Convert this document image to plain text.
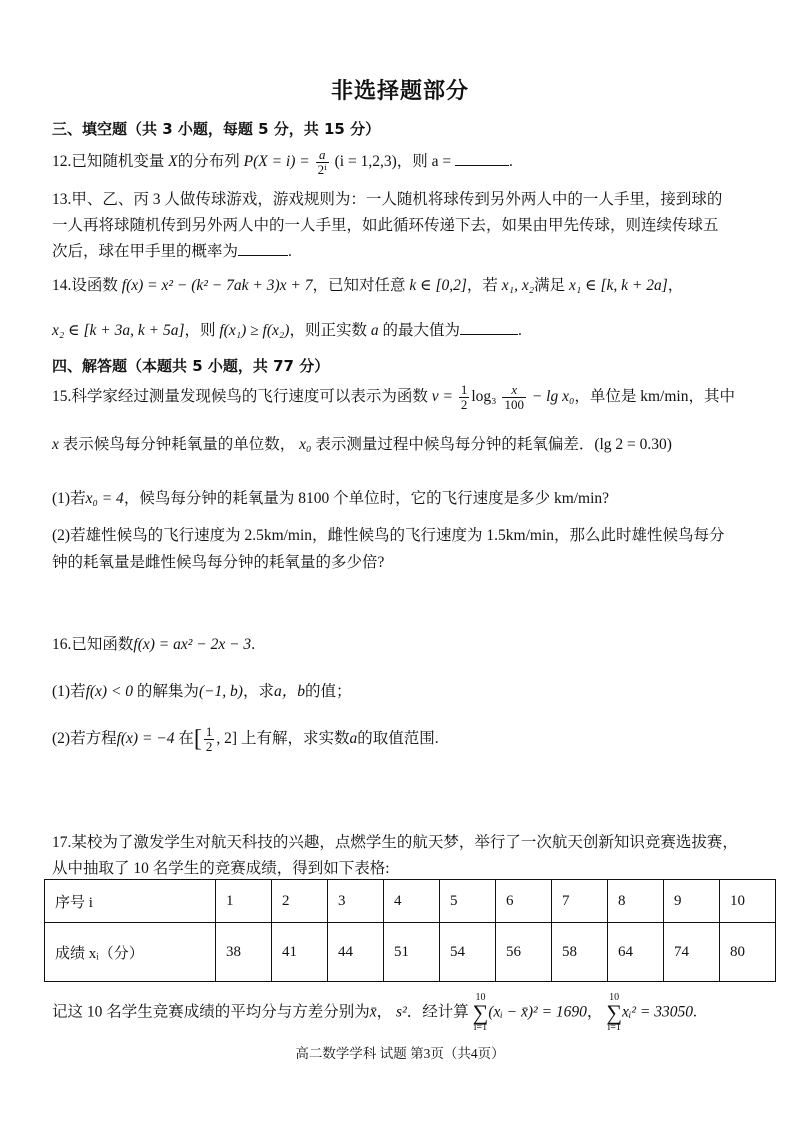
非选择题部分
三、填空题（共 3 小题，每题 5 分，共 15 分）
12.已知随机变量 X的分布列 $P(X = i) = \frac{a}{\text{2ⁱ}} (i = 1,2,3)$，则 a =	.
13.甲、乙、丙 3 人做传球游戏，游戏规则为：一人随机将球传到另外两人中的一人手里，接到球的
一人再将球随机传到另外两人中的一人手里，如此循环传递下去，如果由甲先传球，则连续传球五
次后，球在甲手里的概率为	.
14.设函数 f(x) = x² − (k² − 7ak + 3)x + 7，已知对任意 k ∈ [0,2]，若 x₁, x₂满足 x₁ ∈ [k, k + 2a]，
x₂ ∈ [k + 3a, k + 5a]，则 f(x₁) ≥ f(x₂)，则正实数 a 的最大值为	.
四、解答题（本题共 5 小题，共 77 分）
15.科学家经过测量发现候鸟的飞行速度可以表示为函数 $v = \frac{1}{2} \log_3 \frac{x}{100} - \lg x_0$，单位是 km/min，其中
x 表示候鸟每分钟耗氧量的单位数， x₀ 表示测量过程中候鸟每分钟的耗氧偏差．(lg 2 = 0.30)
(1)若x₀ = 4，候鸟每分钟的耗氧量为 8100 个单位时，它的飞行速度是多少 km/min?
(2)若雄性候鸟的飞行速度为 2.5km/min，雌性候鸟的飞行速度为 1.5km/min，那么此时雄性候鸟每分
钟的耗氧量是雌性候鸟每分钟的耗氧量的多少倍?
16.已知函数f(x) = ax² − 2x − 3.
(1)若f(x) < 0 的解集为(−1, b)，求a，b的值；
(2)若方程f(x) = −4 在[ $\frac{1}{2}$ , 2] 上有解，求实数a的取值范围.
17.某校为了激发学生对航天科技的兴趣，点燃学生的航天梦，举行了一次航天创新知识竞赛选拔赛，
从中抽取了 10 名学生的竞赛成绩，得到如下表格:
序号 i	1	2	3	4	5	6	7	8	9	10
成绩 xᵢ（分）	38	41	44	51	54	56	58	64	74	80
记这 10 名学生竞赛成绩的平均分与方差分别为x̄， s²．经计算 10
∑
i=1(xᵢ − x̄)² = 1690， 10
∑
i=1xᵢ² = 33050.
高二数学学科 试题 第3页（共4页）
